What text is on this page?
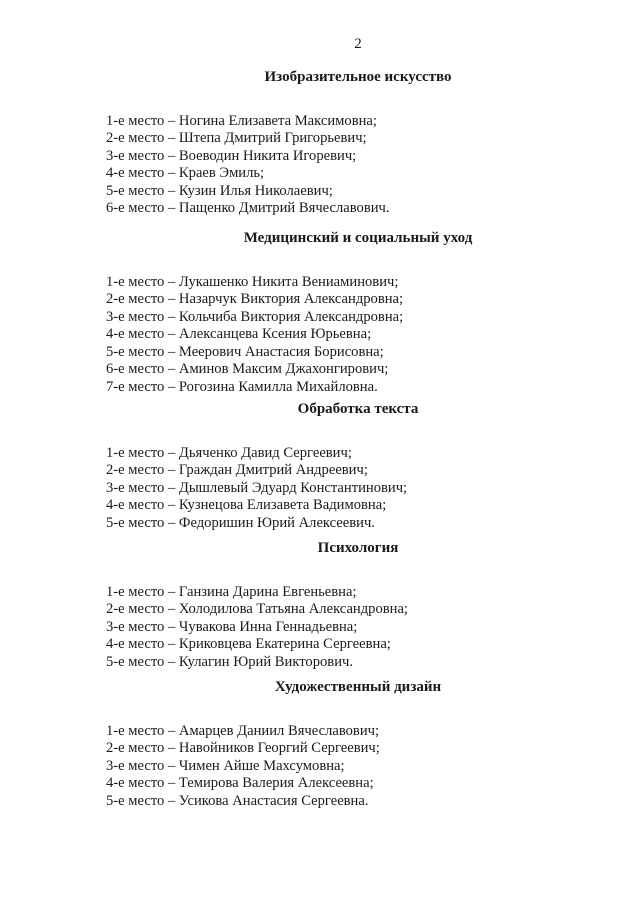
2
Изобразительное искусство
1-е место – Ногина Елизавета Максимовна;
2-е место – Штепа Дмитрий Григорьевич;
3-е место – Воеводин Никита Игоревич;
4-е место – Краев Эмиль;
5-е место – Кузин Илья Николаевич;
6-е место – Пащенко Дмитрий Вячеславович.
Медицинский и социальный уход
1-е место – Лукашенко Никита Вениаминович;
2-е место – Назарчук Виктория Александровна;
3-е место – Кольчиба Виктория Александровна;
4-е место – Алексанцева Ксения Юрьевна;
5-е место – Меерович Анастасия Борисовна;
6-е место – Аминов Максим Джахонгирович;
7-е место – Рогозина Камилла Михайловна.
Обработка текста
1-е место – Дьяченко Давид Сергеевич;
2-е место – Граждан Дмитрий Андреевич;
3-е место – Дышлевый Эдуард Константинович;
4-е место – Кузнецова Елизавета Вадимовна;
5-е место – Федоришин Юрий Алексеевич.
Психология
1-е место – Ганзина Дарина Евгеньевна;
2-е место – Холодилова Татьяна Александровна;
3-е место – Чувакова Инна Геннадьевна;
4-е место – Криковцева Екатерина Сергеевна;
5-е место – Кулагин Юрий Викторович.
Художественный дизайн
1-е место – Амарцев Даниил Вячеславович;
2-е место – Навойников Георгий Сергеевич;
3-е место – Чимен Айше Махсумовна;
4-е место – Темирова Валерия Алексеевна;
5-е место – Усикова Анастасия Сергеевна.
